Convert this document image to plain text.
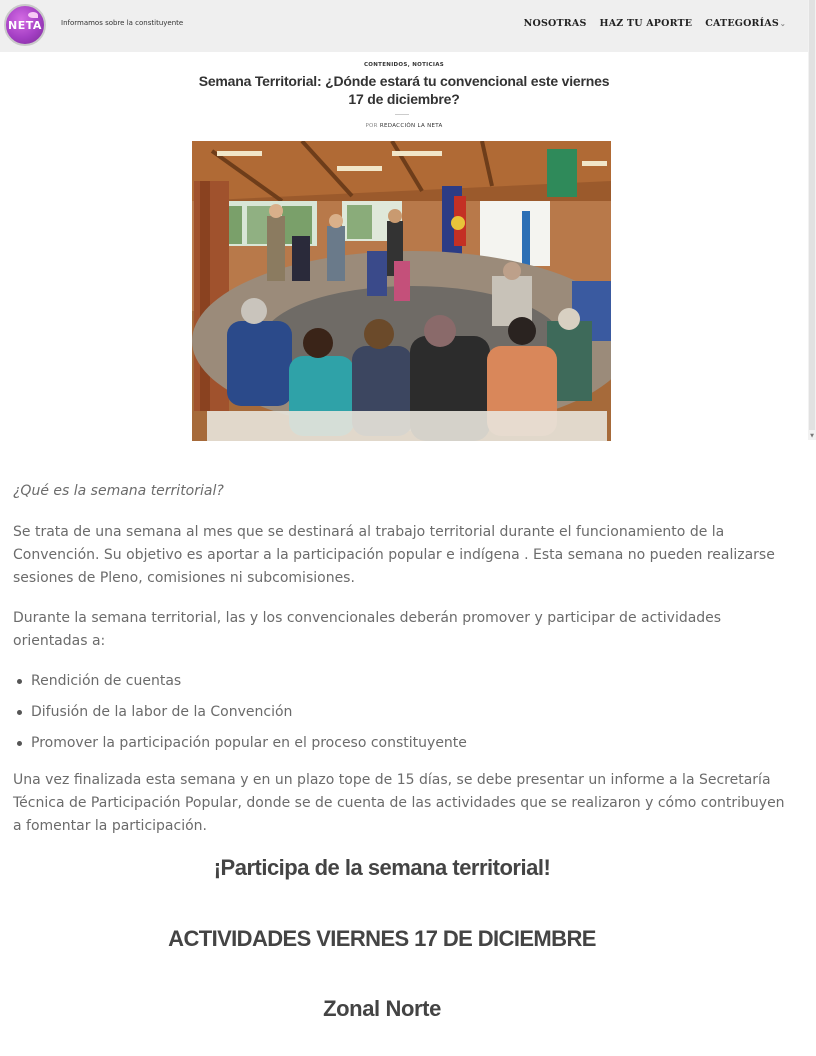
NETA	Informamos sobre la constituyente	NOSOTRAS HAZ TU APORTE CATEGORÍAS⌄
▼
CONTENIDOS, NOTICIAS
Semana Territorial: ¿Dónde estará tu convencional este viernes 17 de diciembre?
POR REDACCIÓN LA NETA

¿Qué es la semana territorial?

Se trata de una semana al mes que se destinará al trabajo territorial durante el funcionamiento de la Convención. Su objetivo es aportar a la participación popular e indígena . Esta semana no pueden realizarse sesiones de Pleno, comisiones ni subcomisiones.

Durante la semana territorial, las y los convencionales deberán promover y participar de actividades orientadas a:

Rendición de cuentas
Difusión de la labor de la Convención
Promover la participación popular en el proceso constituyente

Una vez finalizada esta semana y en un plazo tope de 15 días, se debe presentar un informe a la Secretaría Técnica de Participación Popular, donde se de cuenta de las actividades que se realizaron y cómo contribuyen a fomentar la participación.

¡Participa de la semana territorial!
ACTIVIDADES VIERNES 17 DE DICIEMBRE
Zonal Norte
